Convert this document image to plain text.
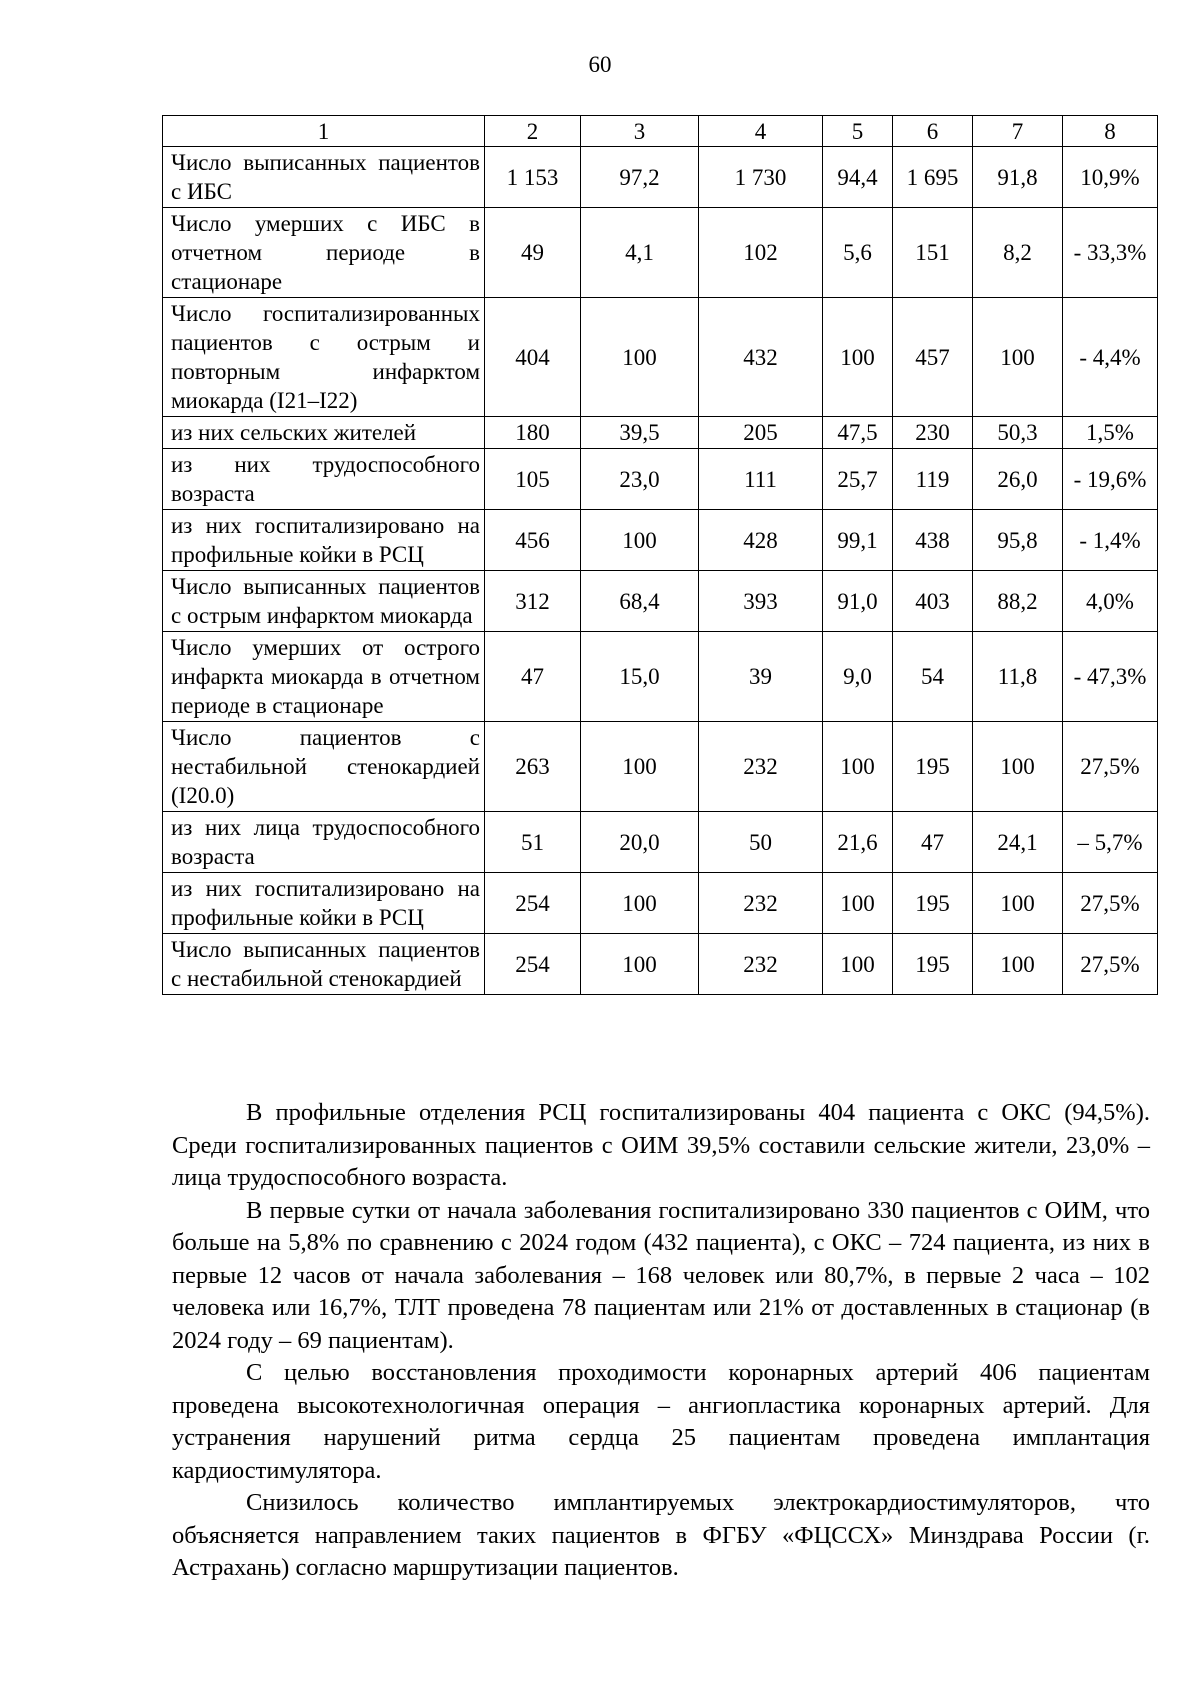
60
1	2	3	4	5	6	7	8
Число выписанных пациентов с ИБС	1 153	97,2	1 730	94,4	1 695	91,8	10,9%
Число умерших с ИБС в отчетном периоде в стационаре	49	4,1	102	5,6	151	8,2	- 33,3%
Число госпитализированных пациентов с острым и повторным инфарктом миокарда (I21–I22)	404	100	432	100	457	100	- 4,4%
из них сельских жителей	180	39,5	205	47,5	230	50,3	1,5%
из них трудоспособного возраста	105	23,0	111	25,7	119	26,0	- 19,6%
из них госпитализировано на профильные койки в РСЦ	456	100	428	99,1	438	95,8	- 1,4%
Число выписанных пациентов с острым инфарктом миокарда	312	68,4	393	91,0	403	88,2	4,0%
Число умерших от острого инфаркта миокарда в отчетном периоде в стационаре	47	15,0	39	9,0	54	11,8	- 47,3%
Число пациентов с нестабильной стенокардией (I20.0)	263	100	232	100	195	100	27,5%
из них лица трудоспособного возраста	51	20,0	50	21,6	47	24,1	– 5,7%
из них госпитализировано на профильные койки в РСЦ	254	100	232	100	195	100	27,5%
Число выписанных пациентов с нестабильной стенокардией	254	100	232	100	195	100	27,5%

В профильные отделения РСЦ госпитализированы 404 пациента с ОКС (94,5%). Среди госпитализированных пациентов с ОИМ 39,5% составили сельские жители, 23,0% – лица трудоспособного возраста.

В первые сутки от начала заболевания госпитализировано 330 пациентов с ОИМ, что больше на 5,8% по сравнению с 2024 годом (432 пациента), с ОКС – 724 пациента, из них в первые 12 часов от начала заболевания – 168 человек или 80,7%, в первые 2 часа – 102 человека или 16,7%, ТЛТ проведена 78 пациентам или 21% от доставленных в стационар (в 2024 году – 69 пациентам).

С целью восстановления проходимости коронарных артерий 406 пациентам проведена высокотехнологичная операция – ангиопластика коронарных артерий. Для устранения нарушений ритма сердца 25 пациентам проведена имплантация кардиостимулятора.

Снизилось количество имплантируемых электрокардиостимуляторов, что объясняется направлением таких пациентов в ФГБУ «ФЦССХ» Минздрава России (г. Астрахань) согласно маршрутизации пациентов.
